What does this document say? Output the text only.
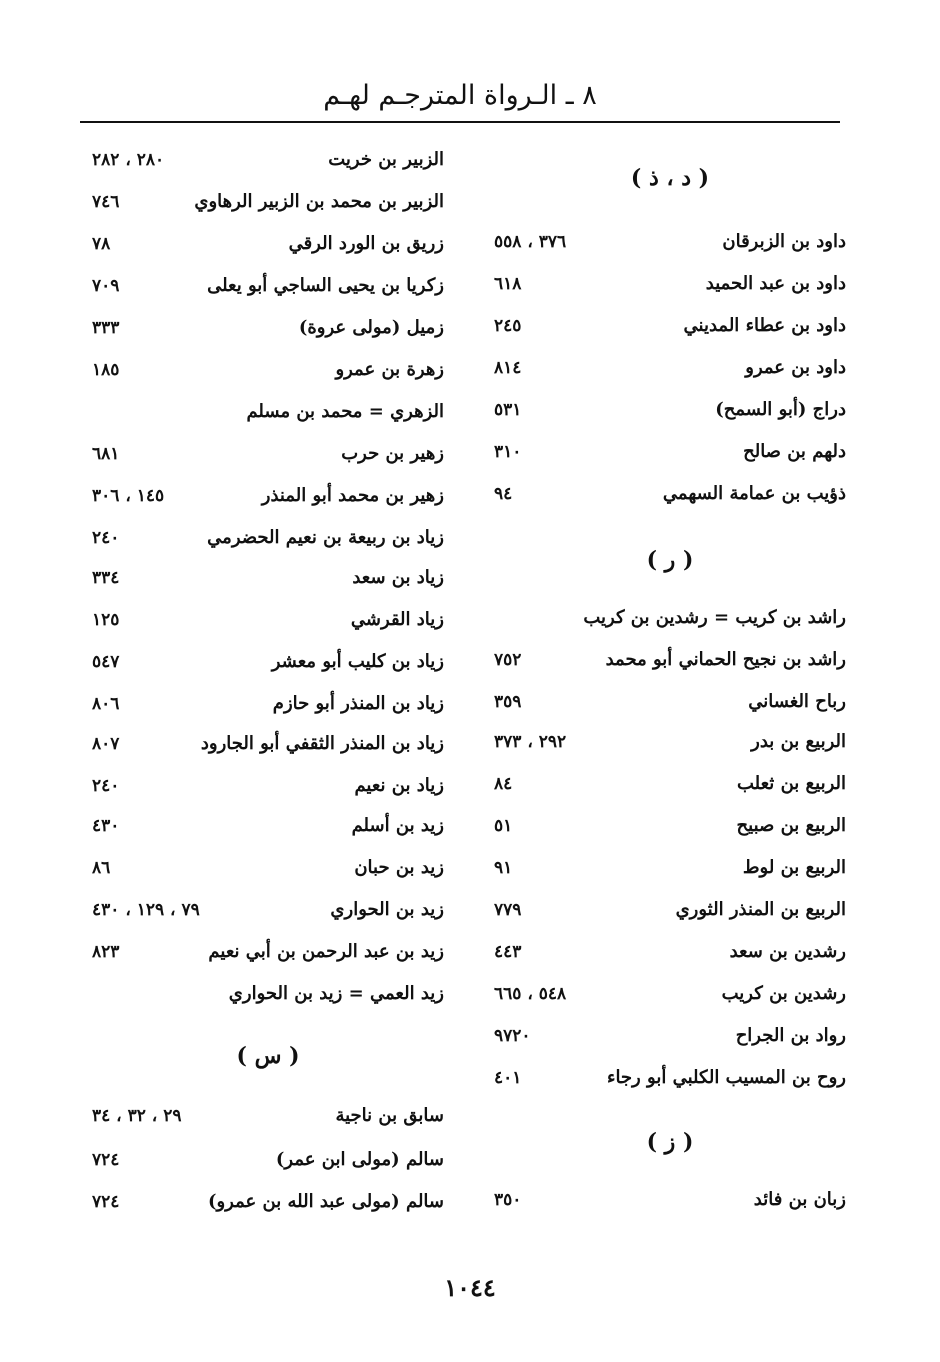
٨ ـ الـرواة المترجـم لهـم
( د ، ذ )
داود بن الزبرقان
٣٧٦ ، ٥٥٨
داود بن عبد الحميد
٦١٨
داود بن عطاء المديني
٢٤٥
داود بن عمرو
٨١٤
دراج (أبو السمح)
٥٣١
دلهم بن صالح
٣١٠
ذؤيب بن عمامة السهمي
٩٤
( ر )
راشد بن كريب = رشدين بن كريب
راشد بن نجيح الحماني أبو محمد
٧٥٢
رباح الغساني
٣٥٩
الربيع بن بدر
٢٩٢ ، ٣٧٣
الربيع بن ثعلب
٨٤
الربيع بن صبيح
٥١
الربيع بن لوط
٩١
الربيع بن المنذر الثوري
٧٧٩
رشدين بن سعد
٤٤٣
رشدين بن كريب
٥٤٨ ، ٦٦٥
رواد بن الجراح
٩٧٢٠
روح بن المسيب الكلبي أبو رجاء
٤٠١
( ز )
زبان بن فائد
٣٥٠
الزبير بن خريت
٢٨٠ ، ٢٨٢
الزبير بن محمد بن الزبير الرهاوي
٧٤٦
زريق بن الورد الرقي
٧٨
زكريا بن يحيى الساجي أبو يعلى
٧٠٩
زميل (مولى عروة)
٣٣٣
زهرة بن عمرو
١٨٥
الزهري = محمد بن مسلم
زهير بن حرب
٦٨١
زهير بن محمد أبو المنذر
١٤٥ ، ٣٠٦
زياد بن ربيعة بن نعيم الحضرمي
٢٤٠
زياد بن سعد
٣٣٤
زياد القرشي
١٢٥
زياد بن كليب أبو معشر
٥٤٧
زياد بن المنذر أبو حازم
٨٠٦
زياد بن المنذر الثقفي أبو الجارود
٨٠٧
زياد بن نعيم
٢٤٠
زيد بن أسلم
٤٣٠
زيد بن حبان
٨٦
زيد بن الحواري
٧٩ ، ١٢٩ ، ٤٣٠
زيد بن عبد الرحمن بن أبي نعيم
٨٢٣
زيد العمي = زيد بن الحواري
( س )
سابق بن ناجية
٢٩ ، ٣٢ ، ٣٤
سالم (مولى ابن عمر)
٧٢٤
سالم (مولى عبد الله بن عمرو)
٧٢٤
١٠٤٤
